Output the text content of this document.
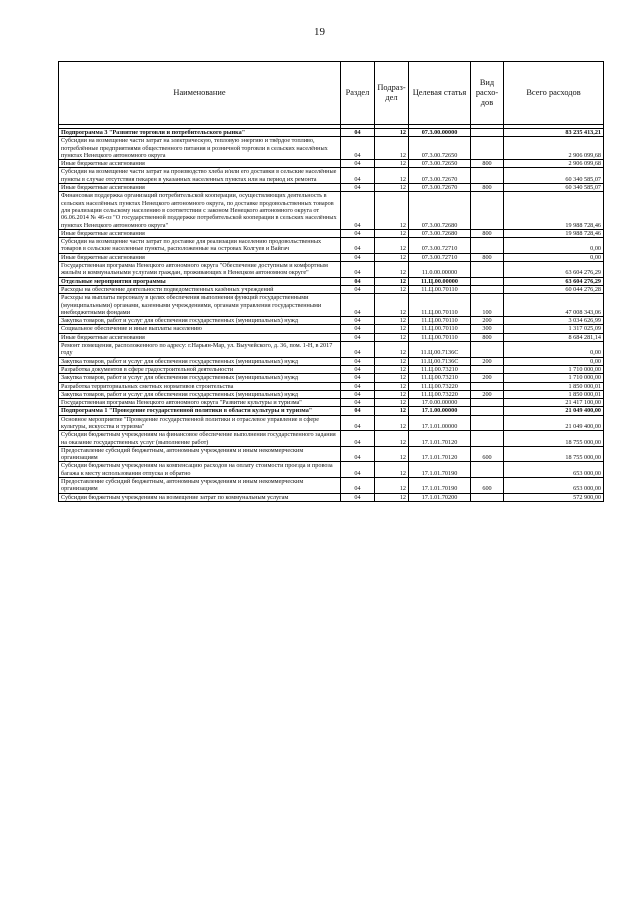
19
Наименование	Раздел	Подраз-дел	Целевая статья	Вид расхо-дов	Всего расходов

Подпрограмма 3 "Развитие торговли и потребительского рынка"	04	12	07.3.00.00000		83 235 413,21
Субсидии на возмещение части затрат на электрическую, тепловую энергию и твёрдое топливо, потреблённые предприятиями общественного питания и розничной торговли в сельских населённых пунктах Ненецкого автономного округа	04	12	07.3.00.72650		2 906 099,68
Иные бюджетные ассигнования	04	12	07.3.00.72650	800	2 906 099,68
Субсидии на возмещение части затрат на производство хлеба и/или его доставки в сельские населённые пункты в случае отсутствия пекарен в указанных населенных пунктах или на период их ремонта	04	12	07.3.00.72670		60 340 585,07
Иные бюджетные ассигнования	04	12	07.3.00.72670	800	60 340 585,07
Финансовая поддержка организаций потребительской кооперации, осуществляющих деятельность в сельских населённых пунктах Ненецкого автономного округа, по доставке продовольственных товаров для реализации сельскому населению в соответствии с законом Ненецкого автономного округа от 06.06.2014 № 46-оз "О государственной поддержке потребительской кооперации в сельских населённых пунктах Ненецкого автономного округа"	04	12	07.3.00.72680		19 988 728,46
Иные бюджетные ассигнования	04	12	07.3.00.72680	800	19 988 728,46
Субсидии на возмещение части затрат по доставке для реализации населению продовольственных товаров в сельские населенные пункты, расположенные на островах Колгуев и Вайгач	04	12	07.3.00.72710		0,00
Иные бюджетные ассигнования	04	12	07.3.00.72710	800	0,00
Государственная программа Ненецкого автономного округа "Обеспечение доступным и комфортным жильём и коммунальными услугами граждан, проживающих в Ненецком автономном округе"	04	12	11.0.00.00000		63 604 276,29
Отдельные мероприятия программы	04	12	11.Ц.00.00000		63 604 276,29
Расходы на обеспечение деятельности подведомственных казённых учреждений	04	12	11.Ц.00.70110		60 044 276,28
Расходы на выплаты персоналу в целях обеспечения выполнения функций государственными (муниципальными) органами, казенными учреждениями, органами управления государственными внебюджетными фондами	04	12	11.Ц.00.70110	100	47 008 343,06
Закупка товаров, работ и услуг для обеспечения государственных (муниципальных) нужд	04	12	11.Ц.00.70110	200	3 034 626,99
Социальное обеспечение и иные выплаты населению	04	12	11.Ц.00.70110	300	1 317 025,09
Иные бюджетные ассигнования	04	12	11.Ц.00.70110	800	8 684 281,14
Ремонт помещения, расположенного по адресу: г.Нарьян-Мар, ул. Выучейского, д. 36, пом. 1-Н, в 2017 году	04	12	11.Ц.00.7136С		0,00
Закупка товаров, работ и услуг для обеспечения государственных (муниципальных) нужд	04	12	11.Ц.00.7136С	200	0,00
Разработка документов в сфере градостроительной деятельности	04	12	11.Ц.00.73210		1 710 000,00
Закупка товаров, работ и услуг для обеспечения государственных (муниципальных) нужд	04	12	11.Ц.00.73210	200	1 710 000,00
Разработка территориальных сметных нормативов строительства	04	12	11.Ц.00.73220		1 850 000,01
Закупка товаров, работ и услуг для обеспечения государственных (муниципальных) нужд	04	12	11.Ц.00.73220	200	1 850 000,01
Государственная программа Ненецкого автономного округа "Развитие культуры и туризма"	04	12	17.0.00.00000		21 417 100,00
Подпрограмма 1 "Проведение государственной политики в области культуры и туризма"	04	12	17.1.00.00000		21 049 400,00
Основное мероприятие "Проведение государственной политики и отраслевое управление в сфере культуры, искусства и туризма"	04	12	17.1.01.00000		21 049 400,00
Субсидии бюджетным учреждениям на финансовое обеспечение выполнения государственного задания на оказание государственных услуг (выполнение работ)	04	12	17.1.01.70120		18 755 000,00
Предоставление субсидий бюджетным, автономным учреждениям и иным некоммерческим организациям	04	12	17.1.01.70120	600	18 755 000,00
Субсидии бюджетным учреждениям на компенсацию расходов на оплату стоимости проезда и провоза багажа к месту использования отпуска и обратно	04	12	17.1.01.70190		653 000,00
Предоставление субсидий бюджетным, автономным учреждениям и иным некоммерческим организациям	04	12	17.1.01.70190	600	653 000,00
Субсидии бюджетным учреждениям на возмещение затрат по коммунальным услугам	04	12	17.1.01.70200		572 900,00
